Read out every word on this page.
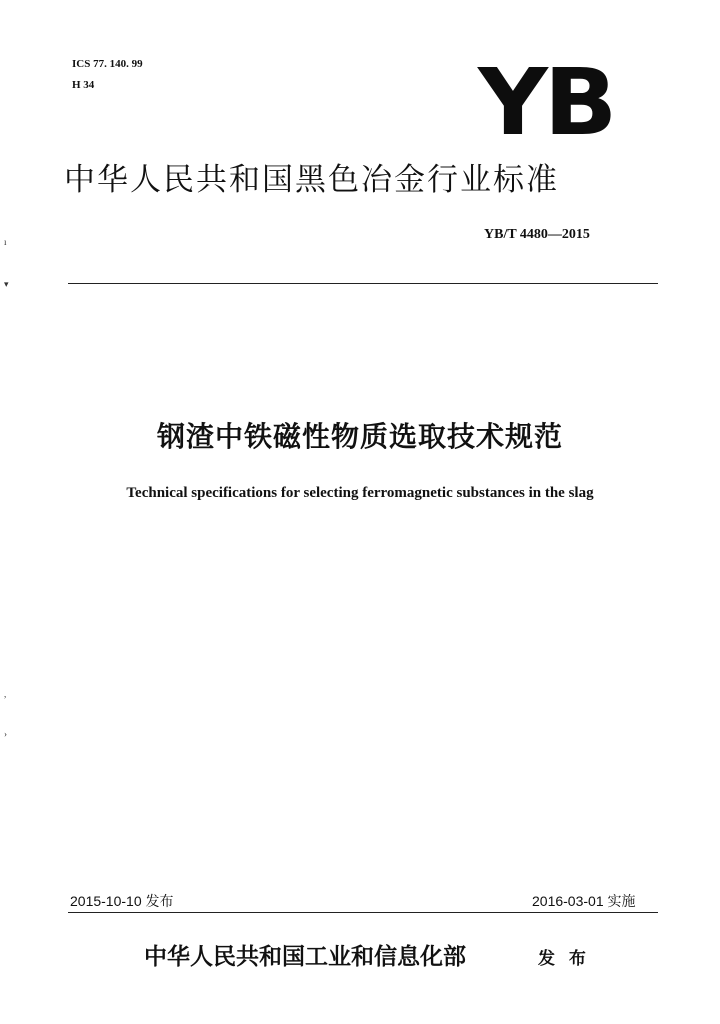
ICS 77. 140. 99
H 34	YB
中华人民共和国黑色冶金行业标准
YB/T 4480—2015
ı
▾
,
›
钢渣中铁磁性物质选取技术规范
Technical specifications for selecting ferromagnetic substances in the slag
2015-10-10 发布	2016-03-01 实施
中华人民共和国工业和信息化部	发 布
